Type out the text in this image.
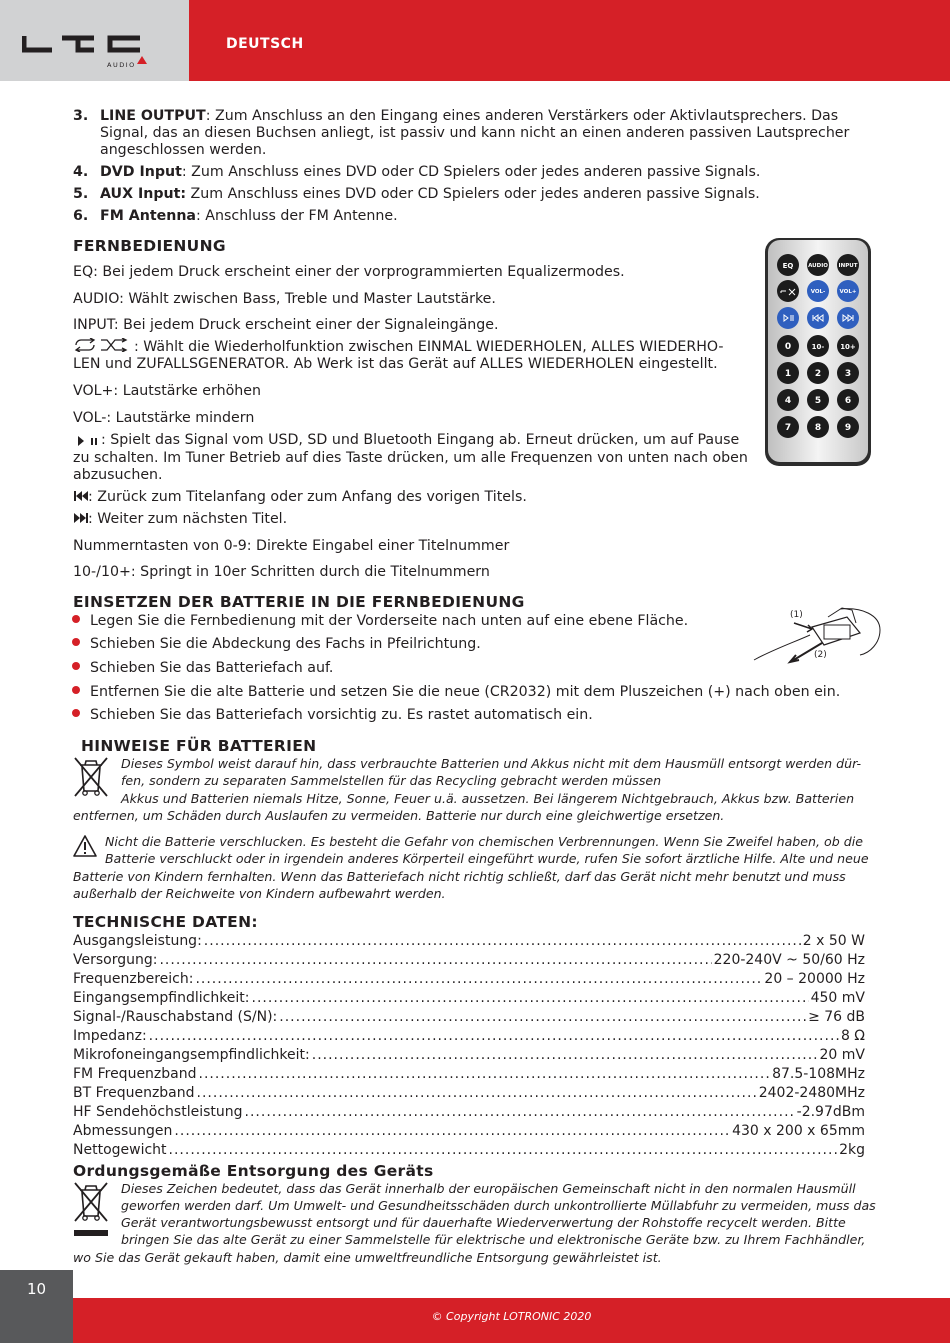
AUDIO
DEUTSCH
3. LINE OUTPUT: Zum Anschluss an den Eingang eines anderen Verstärkers oder Aktivlautsprechers. Das
Signal, das an diesen Buchsen anliegt, ist passiv und kann nicht an einen anderen passiven Lautsprecher
angeschlossen werden.
4. DVD Input: Zum Anschluss eines DVD oder CD Spielers oder jedes anderen passive Signals.
5. AUX Input: Zum Anschluss eines DVD oder CD Spielers oder jedes anderen passive Signals.
6. FM Antenna: Anschluss der FM Antenne.
FERNBEDIENUNG
EQ: Bei jedem Druck erscheint einer der vorprogrammierten Equalizermodes.
AUDIO: Wählt zwischen Bass, Treble und Master Lautstärke.
INPUT: Bei jedem Druck erscheint einer der Signaleingänge.
: Wählt die Wiederholfunktion zwischen EINMAL WIEDERHOLEN, ALLES WIEDERHO-
LEN und ZUFALLSGENERATOR. Ab Werk ist das Gerät auf ALLES WIEDERHOLEN eingestellt.
VOL+: Lautstärke erhöhen
VOL-: Lautstärke mindern
: Spielt das Signal vom USD, SD und Bluetooth Eingang ab. Erneut drücken, um auf Pause
zu schalten. Im Tuner Betrieb auf dies Taste drücken, um alle Frequenzen von unten nach oben
abzusuchen.
: Zurück zum Titelanfang oder zum Anfang des vorigen Titels.
: Weiter zum nächsten Titel.
Nummerntasten von 0-9: Direkte Eingabel einer Titelnummer
10-/10+: Springt in 10er Schritten durch die Titelnummern
EQ	AUDIO INPUT
VOL-	VOL+
0	10- 10+
1	2	3
4	5	6
7	8	9
EINSETZEN DER BATTERIE IN DIE FERNBEDIENUNG
Legen Sie die Fernbedienung mit der Vorderseite nach unten auf eine ebene Fläche.
Schieben Sie die Abdeckung des Fachs in Pfeilrichtung.
Schieben Sie das Batteriefach auf.
Entfernen Sie die alte Batterie und setzen Sie die neue (CR2032) mit dem Pluszeichen (+) nach oben ein.
Schieben Sie das Batteriefach vorsichtig zu. Es rastet automatisch ein.
(1)
(2)
HINWEISE FÜR BATTERIEN
Dieses Symbol weist darauf hin, dass verbrauchte Batterien und Akkus nicht mit dem Hausmüll entsorgt werden dür-
fen, sondern zu separaten Sammelstellen für das Recycling gebracht werden müssen
Akkus und Batterien niemals Hitze, Sonne, Feuer u.ä. aussetzen. Bei längerem Nichtgebrauch, Akkus bzw. Batterien
entfernen, um Schäden durch Auslaufen zu vermeiden. Batterie nur durch eine gleichwertige ersetzen.
Nicht die Batterie verschlucken. Es besteht die Gefahr von chemischen Verbrennungen. Wenn Sie Zweifel haben, ob die
Batterie verschluckt oder in irgendein anderes Körperteil eingeführt wurde, rufen Sie sofort ärztliche Hilfe. Alte und neue
Batterie von Kindern fernhalten. Wenn das Batteriefach nicht richtig schließt, darf das Gerät nicht mehr benutzt und muss
außerhalb der Reichweite von Kindern aufbewahrt werden.
TECHNISCHE DATEN:
Ausgangsleistung: .....	2 x 50 W
Versorgung: .....	220-240V ~ 50/60 Hz
Frequenzbereich: .....	20 – 20000 Hz
Eingangsempfindlichkeit: .....	450 mV
Signal-/Rauschabstand (S/N): .....	≥ 76 dB
Impedanz: .....	8 Ω
Mikrofoneingangsempfindlichkeit: .....	20 mV
FM Frequenzband .....	87.5-108MHz
BT Frequenzband .....	2402-2480MHz
HF Sendehöchstleistung .....	-2.97dBm
Abmessungen .....	430 x 200 x 65mm
Nettogewicht .....	2kg
Ordungsgemäße Entsorgung des Geräts
Dieses Zeichen bedeutet, dass das Gerät innerhalb der europäischen Gemeinschaft nicht in den normalen Hausmüll
geworfen werden darf. Um Umwelt- und Gesundheitsschäden durch unkontrollierte Müllabfuhr zu vermeiden, muss das
Gerät verantwortungsbewusst entsorgt und für dauerhafte Wiederverwertung der Rohstoffe recycelt werden. Bitte
bringen Sie das alte Gerät zu einer Sammelstelle für elektrische und elektronische Geräte bzw. zu Ihrem Fachhändler,
wo Sie das Gerät gekauft haben, damit eine umweltfreundliche Entsorgung gewährleistet ist.
10
© Copyright LOTRONIC 2020
